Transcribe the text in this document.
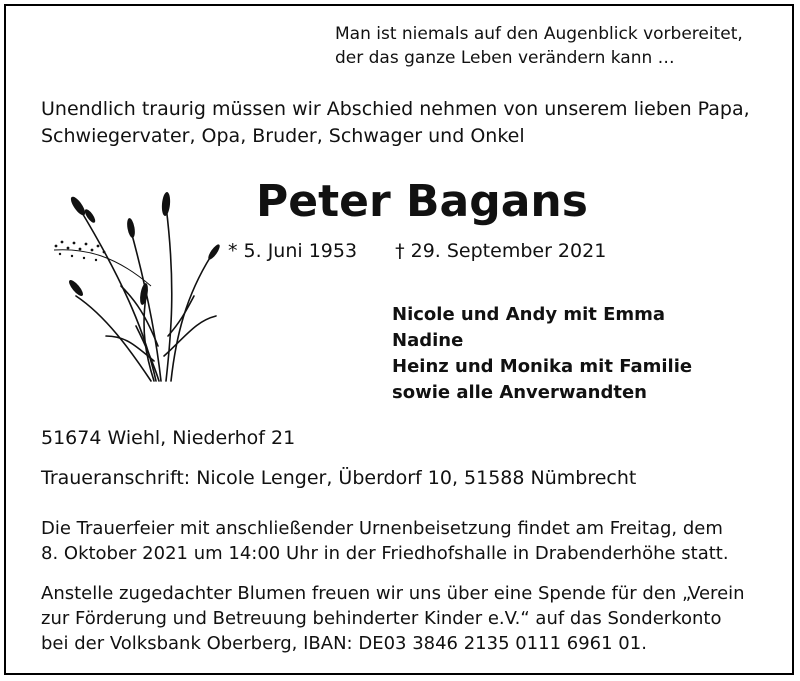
Man ist niemals auf den Augenblick vorbereitet,
der das ganze Leben verändern kann …
Unendlich traurig müssen wir Abschied nehmen von unserem lieben Papa,
Schwiegervater, Opa, Bruder, Schwager und Onkel
Peter Bagans
* 5. Juni 1953 † 29. September 2021
Nicole und Andy mit Emma
Nadine
Heinz und Monika mit Familie
sowie alle Anverwandten
51674 Wiehl, Niederhof 21
Traueranschrift: Nicole Lenger, Überdorf 10, 51588 Nümbrecht
Die Trauerfeier mit anschließender Urnenbeisetzung findet am Freitag, dem
8. Oktober 2021 um 14:00 Uhr in der Friedhofshalle in Drabenderhöhe statt.
Anstelle zugedachter Blumen freuen wir uns über eine Spende für den „Verein
zur Förderung und Betreuung behinderter Kinder e.V.“ auf das Sonderkonto
bei der Volksbank Oberberg, IBAN: DE03 3846 2135 0111 6961 01.
